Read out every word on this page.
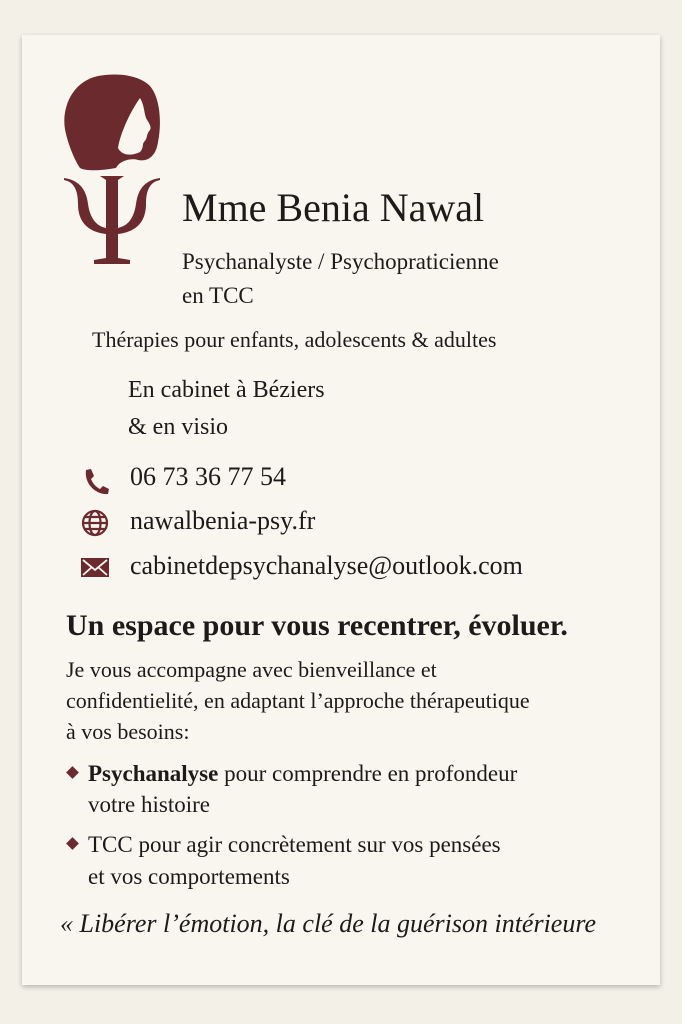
Mme Benia Nawal
Psychanalyste / Psychopraticienne
en TCC
Thérapies pour enfants, adolescents & adultes
En cabinet à Béziers
& en visio
06 73 36 77 54
nawalbenia-psy.fr
cabinetdepsychanalyse@outlook.com
Un espace pour vous recentrer, évoluer.
Je vous accompagne avec bienveillance et
confidentielité, en adaptant l’approche thérapeutique
à vos besoins:
Psychanalyse pour comprendre en profondeur
votre histoire
TCC pour agir concrètement sur vos pensées
et vos comportements
« Libérer l’émotion, la clé de la guérison intérieure
